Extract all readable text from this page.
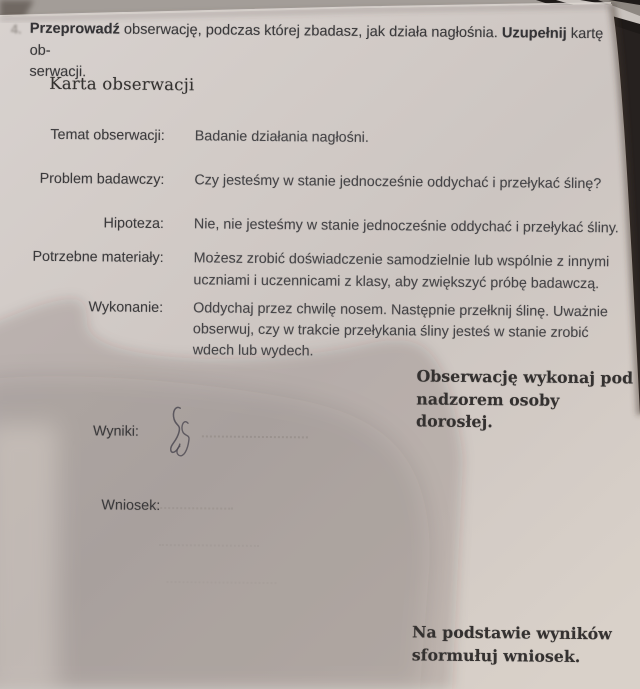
4. Przeprowadź obserwację, podczas której zbadasz, jak działa nagłośnia. Uzupełnij kartę ob-
serwacji.
Karta obserwacji
Temat obserwacji: Badanie działania nagłośni.
Problem badawczy: Czy jesteśmy w stanie jednocześnie oddychać i przełykać ślinę?
Hipoteza: Nie, nie jesteśmy w stanie jednocześnie oddychać i przełykać śliny.
Potrzebne materiały: Możesz zrobić doświadczenie samodzielnie lub wspólnie z innymi
uczniami i uczennicami z klasy, aby zwiększyć próbę badawczą.
Wykonanie: Oddychaj przez chwilę nosem. Następnie przełknij ślinę. Uważnie
obserwuj, czy w trakcie przełykania śliny jesteś w stanie zrobić
wdech lub wydech.
Obserwację wykonaj pod
nadzorem osoby dorosłej.
Wyniki:
Wniosek:
Na podstawie wyników
sformułuj wniosek.
